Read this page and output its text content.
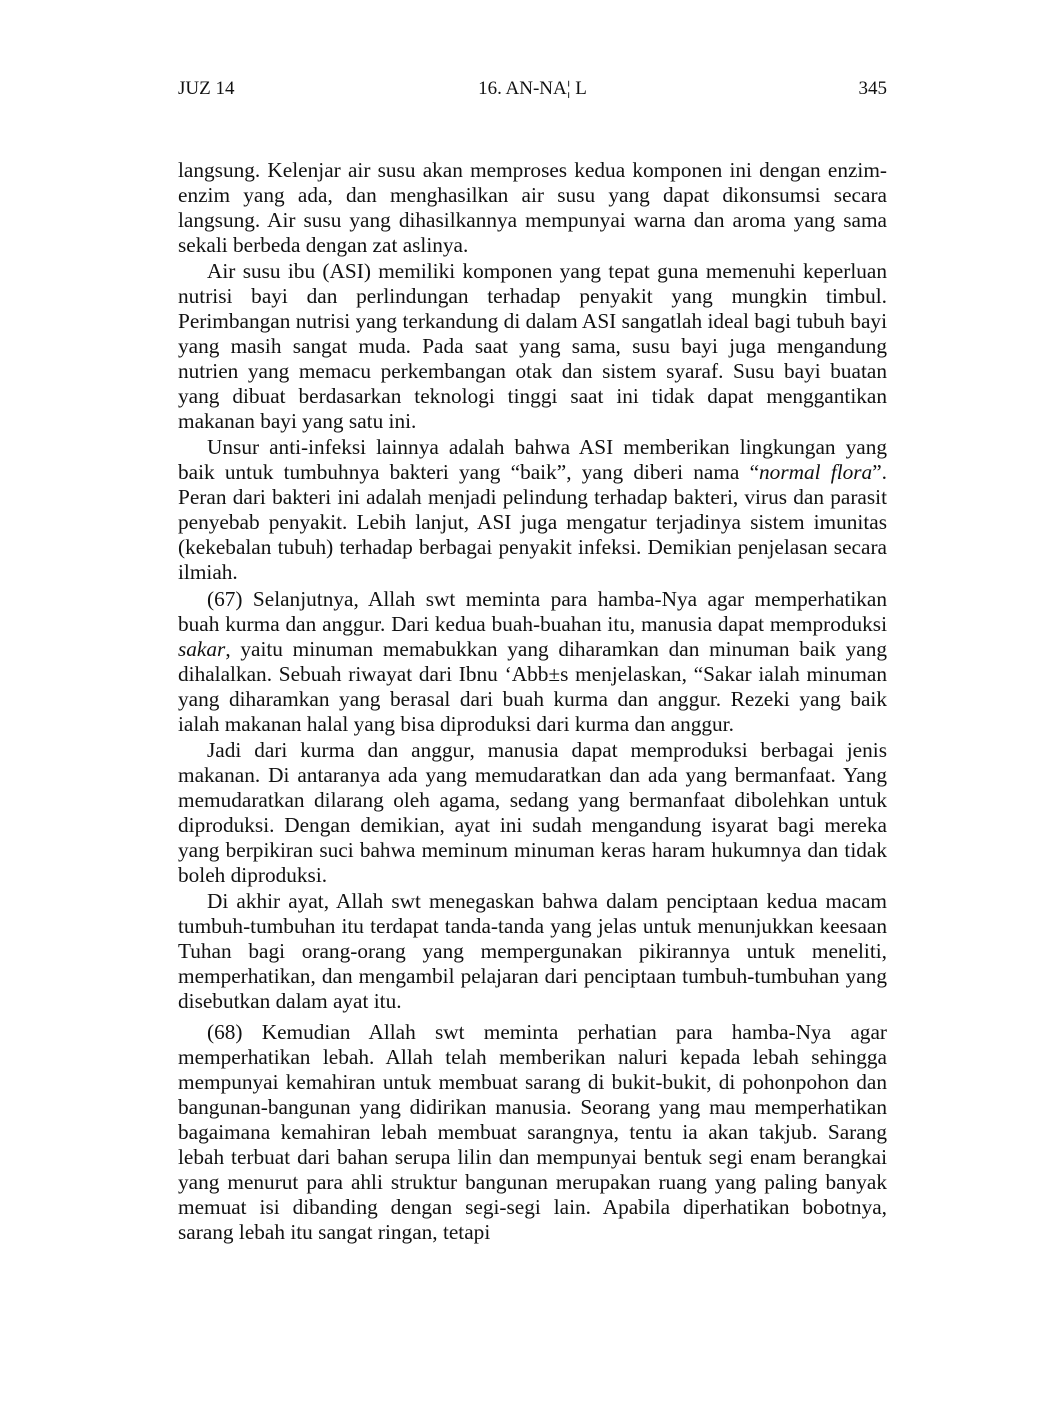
JUZ 14	16. AN-NA¦ L	345

langsung. Kelenjar air susu akan memproses kedua komponen ini dengan enzim-enzim yang ada, dan menghasilkan air susu yang dapat dikonsumsi secara langsung. Air susu yang dihasilkannya mempunyai warna dan aroma yang sama sekali berbeda dengan zat aslinya.

Air susu ibu (ASI) memiliki komponen yang tepat guna memenuhi keperluan nutrisi bayi dan perlindungan terhadap penyakit yang mungkin timbul. Perimbangan nutrisi yang terkandung di dalam ASI sangatlah ideal bagi tubuh bayi yang masih sangat muda. Pada saat yang sama, susu bayi juga mengandung nutrien yang memacu perkembangan otak dan sistem syaraf. Susu bayi buatan yang dibuat berdasarkan teknologi tinggi saat ini tidak dapat menggantikan makanan bayi yang satu ini.

Unsur anti-infeksi lainnya adalah bahwa ASI memberikan lingkungan yang baik untuk tumbuhnya bakteri yang “baik”, yang diberi nama “normal flora”. Peran dari bakteri ini adalah menjadi pelindung terhadap bakteri, virus dan parasit penyebab penyakit. Lebih lanjut, ASI juga mengatur terjadinya sistem imunitas (kekebalan tubuh) terhadap berbagai penyakit infeksi. Demikian penjelasan secara ilmiah.

(67) Selanjutnya, Allah swt meminta para hamba-Nya agar memperhatikan buah kurma dan anggur. Dari kedua buah-buahan itu, manusia dapat memproduksi sakar, yaitu minuman memabukkan yang diharamkan dan minuman baik yang dihalalkan. Sebuah riwayat dari Ibnu ‘Abb±s menjelaskan, “Sakar ialah minuman yang diharamkan yang berasal dari buah kurma dan anggur. Rezeki yang baik ialah makanan halal yang bisa diproduksi dari kurma dan anggur.

Jadi dari kurma dan anggur, manusia dapat memproduksi berbagai jenis makanan. Di antaranya ada yang memudaratkan dan ada yang bermanfaat. Yang memudaratkan dilarang oleh agama, sedang yang bermanfaat dibolehkan untuk diproduksi. Dengan demikian, ayat ini sudah mengandung isyarat bagi mereka yang berpikiran suci bahwa meminum minuman keras haram hukumnya dan tidak boleh diproduksi.

Di akhir ayat, Allah swt menegaskan bahwa dalam penciptaan kedua macam tumbuh-tumbuhan itu terdapat tanda-tanda yang jelas untuk menunjukkan keesaan Tuhan bagi orang-orang yang mempergunakan pikirannya untuk meneliti, memperhatikan, dan mengambil pelajaran dari penciptaan tumbuh-tumbuhan yang disebutkan dalam ayat itu.

(68) Kemudian Allah swt meminta perhatian para hamba-Nya agar memperhatikan lebah. Allah telah memberikan naluri kepada lebah sehingga mempunyai kemahiran untuk membuat sarang di bukit-bukit, di pohonpohon dan bangunan-bangunan yang didirikan manusia. Seorang yang mau memperhatikan bagaimana kemahiran lebah membuat sarangnya, tentu ia akan takjub. Sarang lebah terbuat dari bahan serupa lilin dan mempunyai bentuk segi enam berangkai yang menurut para ahli struktur bangunan merupakan ruang yang paling banyak memuat isi dibanding dengan segi-segi lain. Apabila diperhatikan bobotnya, sarang lebah itu sangat ringan, tetapi
